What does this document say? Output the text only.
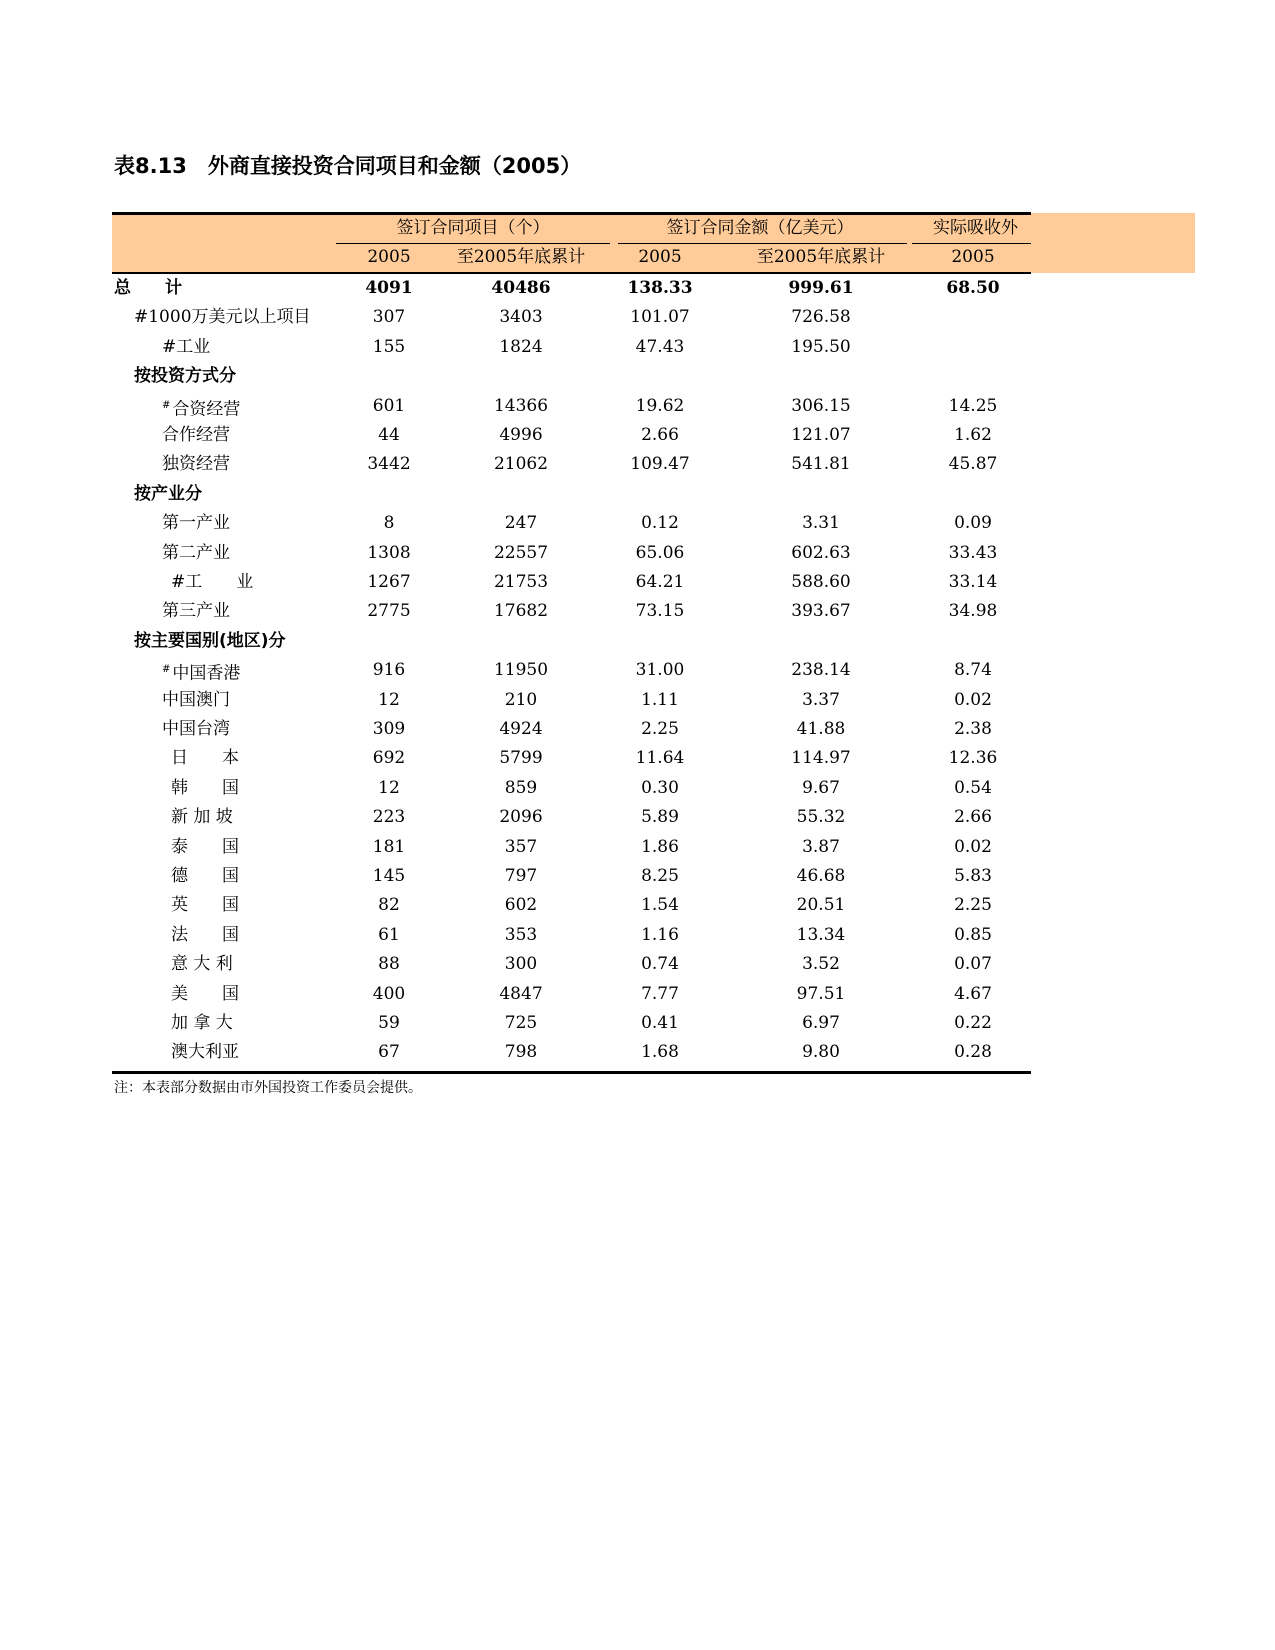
表8.13　外商直接投资合同项目和金额（2005）
签订合同项目（个）	签订合同金额（亿美元）	实际吸收外
2005	至2005年底累计	2005	至2005年底累计	2005
总　　计	4091	40486	138.33	999.61	68.50
#1000万美元以上项目	307	3403	101.07	726.58
#工业	155	1824	47.43	195.50
按投资方式分
# 合资经营	601	14366	19.62	306.15	14.25
合作经营	44	4996	2.66	121.07	1.62
独资经营	3442	21062	109.47	541.81	45.87
按产业分
第一产业	8	247	0.12	3.31	0.09
第二产业	1308	22557	65.06	602.63	33.43
#工　　业	1267	21753	64.21	588.60	33.14
第三产业	2775	17682	73.15	393.67	34.98
按主要国别(地区)分
# 中国香港	916	11950	31.00	238.14	8.74
中国澳门	12	210	1.11	3.37	0.02
中国台湾	309	4924	2.25	41.88	2.38
日　　本	692	5799	11.64	114.97	12.36
韩　　国	12	859	0.30	9.67	0.54
新 加 坡	223	2096	5.89	55.32	2.66
泰　　国	181	357	1.86	3.87	0.02
德　　国	145	797	8.25	46.68	5.83
英　　国	82	602	1.54	20.51	2.25
法　　国	61	353	1.16	13.34	0.85
意 大 利	88	300	0.74	3.52	0.07
美　　国	400	4847	7.77	97.51	4.67
加 拿 大	59	725	0.41	6.97	0.22
澳大利亚	67	798	1.68	9.80	0.28
注：本表部分数据由市外国投资工作委员会提供。
